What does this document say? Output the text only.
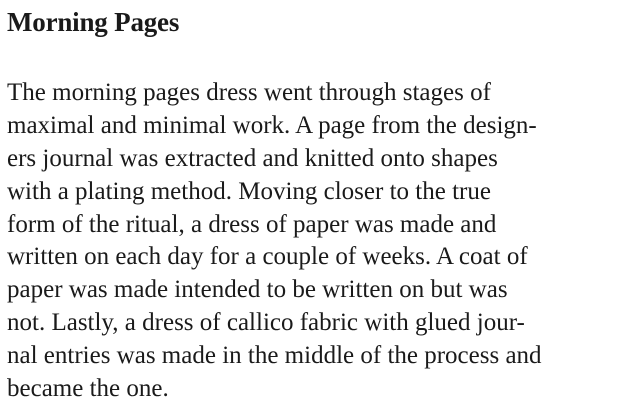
Morning Pages
The morning pages dress went through stages of
maximal and minimal work. A page from the design-
ers journal was extracted and knitted onto shapes
with a plating method. Moving closer to the true
form of the ritual, a dress of paper was made and
written on each day for a couple of weeks. A coat of
paper was made intended to be written on but was
not. Lastly, a dress of callico fabric with glued jour-
nal entries was made in the middle of the process and
became the one.
